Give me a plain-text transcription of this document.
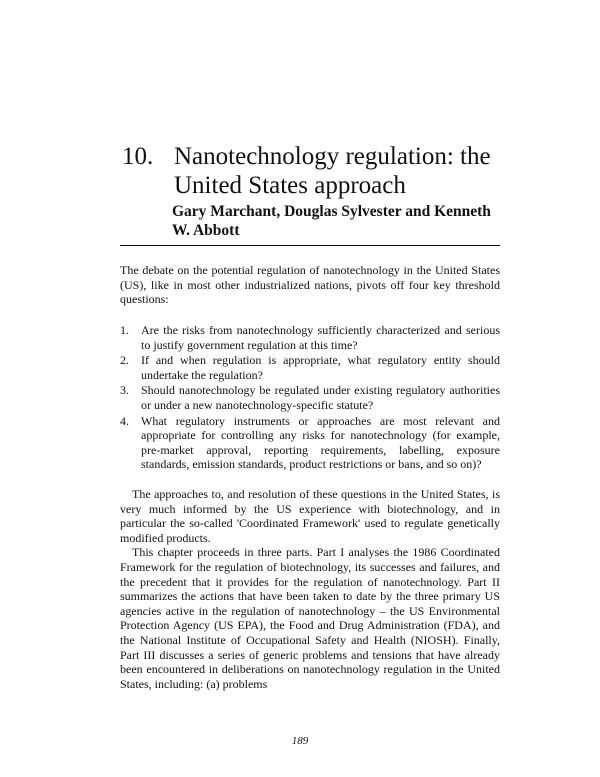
10. Nanotechnology regulation: the United States approach
Gary Marchant, Douglas Sylvester and Kenneth W. Abbott

The debate on the potential regulation of nanotechnology in the United States (US), like in most other industrialized nations, pivots off four key threshold questions:

1. Are the risks from nanotechnology sufficiently characterized and serious to justify government regulation at this time?
2. If and when regulation is appropriate, what regulatory entity should undertake the regulation?
3. Should nanotechnology be regulated under existing regulatory authorities or under a new nanotechnology-specific statute?
4. What regulatory instruments or approaches are most relevant and appropriate for controlling any risks for nanotechnology (for example, pre-market approval, reporting requirements, labelling, exposure standards, emission standards, product restrictions or bans, and so on)?

The approaches to, and resolution of these questions in the United States, is very much informed by the US experience with biotechnology, and in particular the so-called 'Coordinated Framework' used to regulate genetically modified products.

This chapter proceeds in three parts. Part I analyses the 1986 Coordinated Framework for the regulation of biotechnology, its successes and failures, and the precedent that it provides for the regulation of nanotechnology. Part II summarizes the actions that have been taken to date by the three primary US agencies active in the regulation of nanotechnology – the US Environmental Protection Agency (US EPA), the Food and Drug Administration (FDA), and the National Institute of Occupational Safety and Health (NIOSH). Finally, Part III discusses a series of generic problems and tensions that have already been encountered in deliberations on nanotechnology regulation in the United States, including: (a) problems

189
